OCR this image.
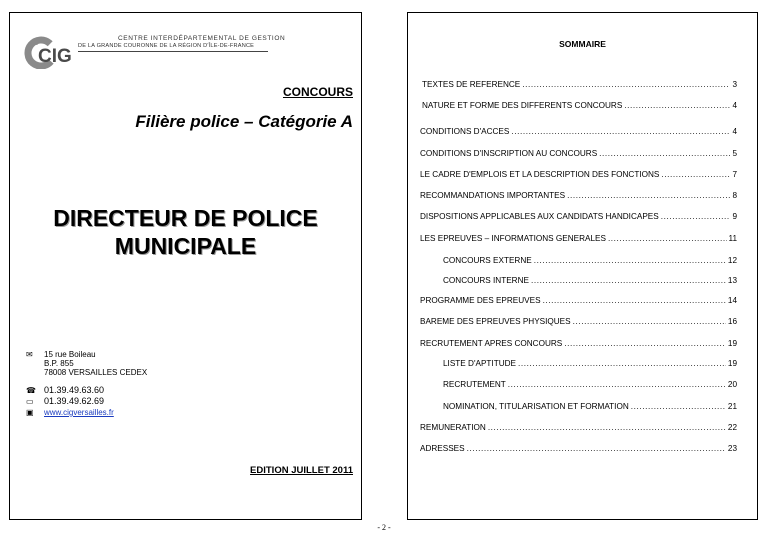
CIG
CENTRE INTERDÉPARTEMENTAL DE GESTION
DE LA GRANDE COURONNE DE LA RÉGION D'ÎLE-DE-FRANCE
CONCOURS
Filière police – Catégorie A
DIRECTEUR DE POLICE
MUNICIPALE
✉	15 rue Boileau
B.P. 855
78008 VERSAILLES CEDEX
☎ 01.39.49.63.60
▭ 01.39.49.62.69
▣	www.cigversailles.fr
EDITION JUILLET 2011
SOMMAIRE
TEXTES DE REFERENCE .....	3
NATURE ET FORME DES DIFFERENTS CONCOURS .....	4
CONDITIONS D'ACCES .....	4
CONDITIONS D'INSCRIPTION AU CONCOURS .....	5
LE CADRE D'EMPLOIS ET LA DESCRIPTION DES FONCTIONS .....	7
RECOMMANDATIONS IMPORTANTES .....	8
DISPOSITIONS APPLICABLES AUX CANDIDATS HANDICAPES .....	9
LES EPREUVES – INFORMATIONS GENERALES .....	11
CONCOURS EXTERNE .....	12
CONCOURS INTERNE .....	13
PROGRAMME DES EPREUVES .....	14
BAREME DES EPREUVES PHYSIQUES .....	16
RECRUTEMENT APRES CONCOURS .....	19
LISTE D'APTITUDE .....	19
RECRUTEMENT .....	20
NOMINATION, TITULARISATION ET FORMATION .....	21
REMUNERATION .....	22
ADRESSES .....	23
- 2 -
